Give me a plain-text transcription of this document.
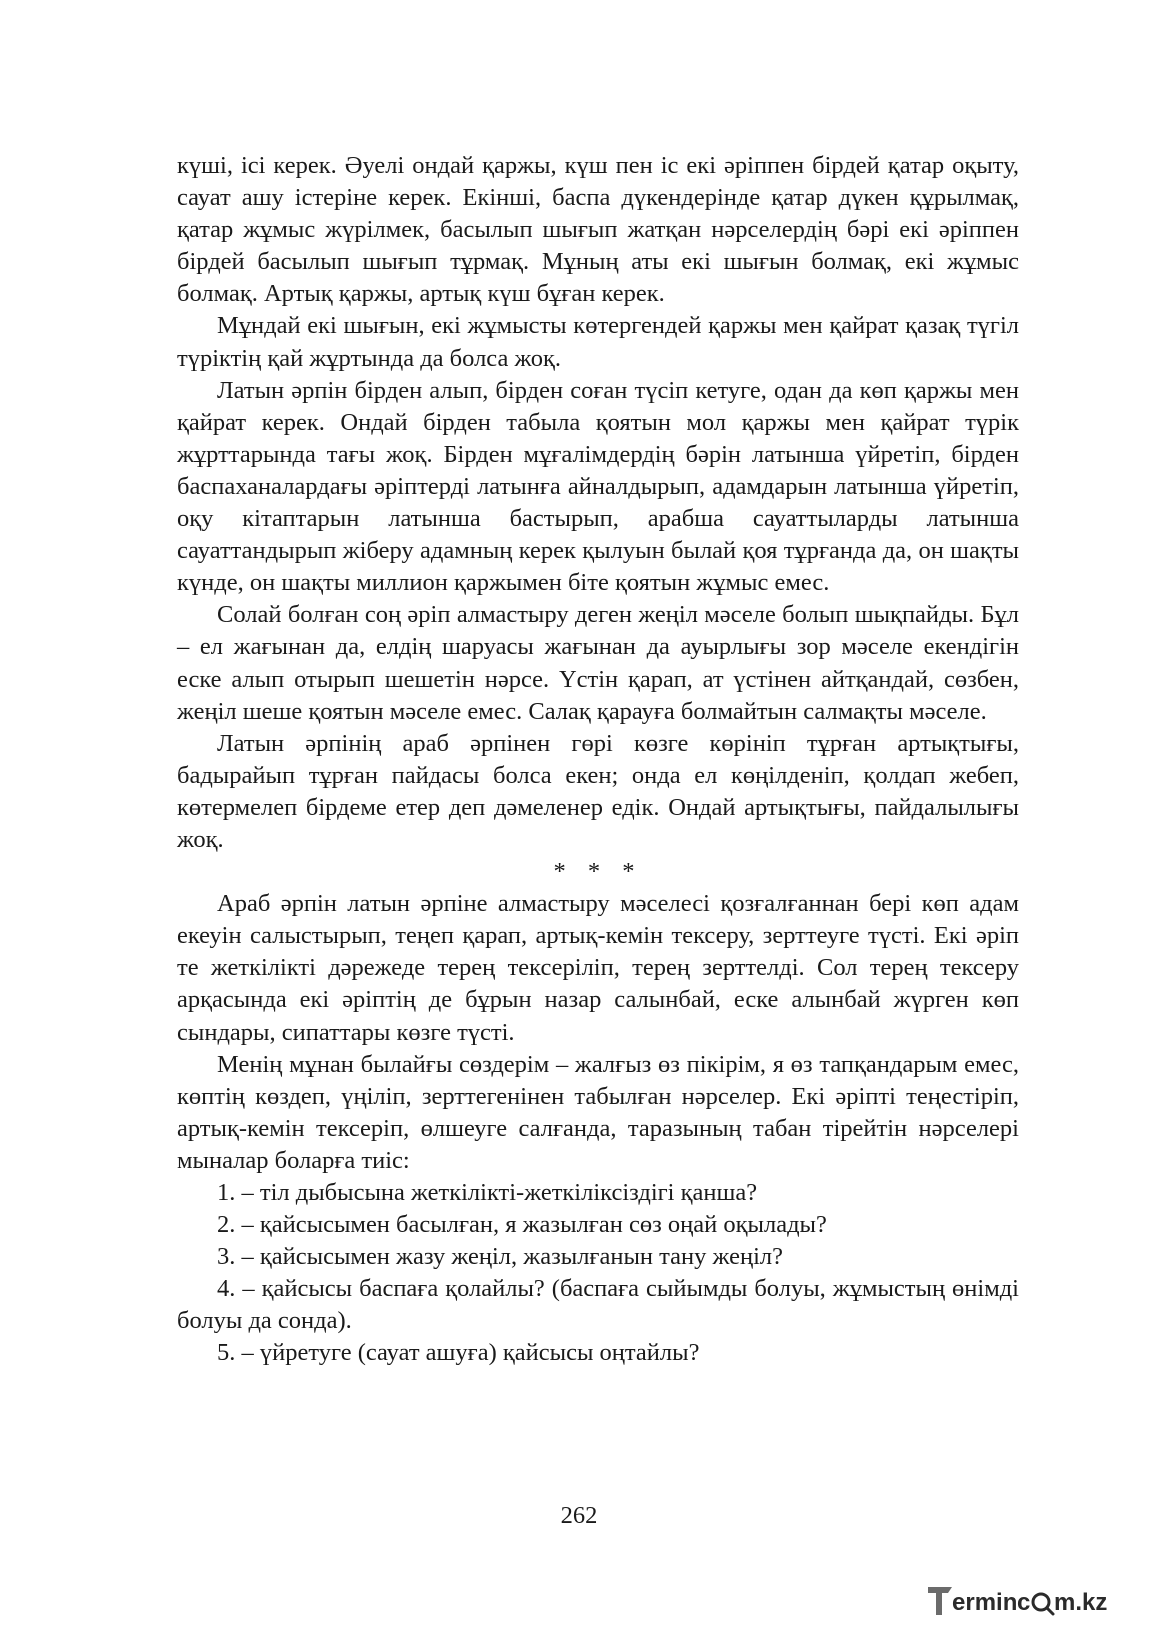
күші, ісі керек. Әуелі ондай қаржы, күш пен іс екі әріппен бірдей қатар оқыту, сауат ашу істеріне керек. Екінші, баспа дүкендерінде қатар дүкен құрылмақ, қатар жұмыс жүрілмек, басылып шығып жатқан нәрселердің бәрі екі әріппен бірдей басылып шығып тұрмақ. Мұның аты екі шығын болмақ, екі жұмыс болмақ. Артық қаржы, артық күш бұған керек.

Мұндай екі шығын, екі жұмысты көтергендей қаржы мен қайрат қазақ түгіл түріктің қай жұртында да болса жоқ.

Латын әрпін бірден алып, бірден соған түсіп кетуге, одан да көп қаржы мен қайрат керек. Ондай бірден табыла қоятын мол қаржы мен қайрат түрік жұрттарында тағы жоқ. Бірден мұғалімдердің бәрін латынша үйретіп, бірден баспаханалардағы әріптерді латынға айналдырып, адамдарын латынша үйретіп, оқу кітаптарын латынша бастырып, арабша сауаттыларды латынша сауаттандырып жіберу адамның керек қылуын былай қоя тұрғанда да, он шақты күнде, он шақты миллион қаржымен біте қоятын жұмыс емес.

Солай болған соң әріп алмастыру деген жеңіл мәселе болып шықпайды. Бұл – ел жағынан да, елдің шаруасы жағынан да ауырлығы зор мәселе екендігін еске алып отырып шешетін нәрсе. Үстін қарап, ат үстінен айтқандай, сөзбен, жеңіл шеше қоятын мәселе емес. Салақ қарауға болмайтын салмақты мәселе.

Латын әрпінің араб әрпінен гөрі көзге көрініп тұрған артықтығы, бадырайып тұрған пайдасы болса екен; онда ел көңілденіп, қолдап жебеп, көтермелеп бірдеме етер деп дәмеленер едік. Ондай артықтығы, пайдалылығы жоқ.

* * *

Араб әрпін латын әрпіне алмастыру мәселесі қозғалғаннан бері көп адам екеуін салыстырып, теңеп қарап, артық-кемін тексеру, зерттеуге түсті. Екі әріп те жеткілікті дәрежеде терең тексеріліп, терең зерттелді. Сол терең тексеру арқасында екі әріптің де бұрын назар салынбай, еске алынбай жүрген көп сындары, сипаттары көзге түсті.

Менің мұнан былайғы сөздерім – жалғыз өз пікірім, я өз тапқандарым емес, көптің көздеп, үңіліп, зерттегенінен табылған нәрселер. Екі әріпті теңестіріп, артық-кемін тексеріп, өлшеуге салғанда, таразының табан тірейтін нәрселері мыналар боларға тиіс:

1. – тіл дыбысына жеткілікті-жеткіліксіздігі қанша?

2. – қайсысымен басылған, я жазылған сөз оңай оқылады?

3. – қайсысымен жазу жеңіл, жазылғанын тану жеңіл?

4. – қайсысы баспаға қолайлы? (баспаға сыйымды болуы, жұмыстың өнімді болуы да сонда).

5. – үйретуге (сауат ашуға) қайсысы оңтайлы?

262
ermin c m.kz
